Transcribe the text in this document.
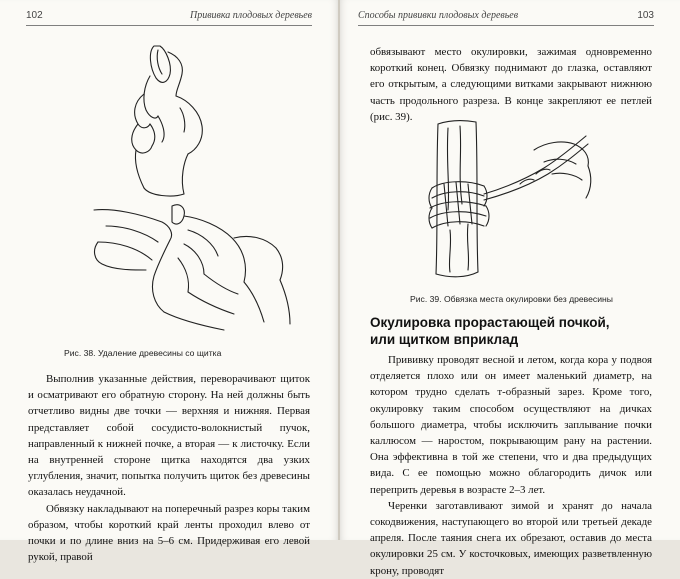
102	Прививка плодовых деревьев
Рис. 38. Удаление древесины со щитка

Выполнив указанные действия, переворачивают щиток и осматривают его обратную сторону. На ней должны быть отчетливо видны две точки — верхняя и нижняя. Первая представляет собой сосудисто-волокнистый пучок, направленный к нижней почке, а вторая — к листочку. Если на внутренней стороне щитка находятся два узких углубления, значит, попытка получить щиток без древесины оказалась неудачной.

Обвязку накладывают на поперечный разрез коры таким образом, чтобы короткий край ленты проходил влево от почки и по длине вниз на 5–6 см. Придерживая его левой рукой, правой

Способы прививки плодовых деревьев	103

обвязывают место окулировки, зажимая одновременно короткий конец. Обвязку поднимают до глазка, оставляют его открытым, а следующими витками закрывают нижнюю часть продольного разреза. В конце закрепляют ее петлей (рис. 39).

Рис. 39. Обвязка места окулировки без древесины
Окулировка прорастающей почкой, или щитком вприклад

Прививку проводят весной и летом, когда кора у подвоя отделяется плохо или он имеет маленький диаметр, на котором трудно сделать т-образный зарез. Кроме того, окулировку таким способом осуществляют на дичках большого диаметра, чтобы исключить заплывание почки каллюсом — наростом, покрывающим рану на растении. Она эффективна в той же степени, что и два предыдущих вида. С ее помощью можно облагородить дичок или переприть деревья в возрасте 2–3 лет.

Черенки заготавливают зимой и хранят до начала сокодвижения, наступающего во второй или третьей декаде апреля. После таяния снега их обрезают, оставив до места окулировки 25 см. У косточковых, имеющих разветвленную крону, проводят
